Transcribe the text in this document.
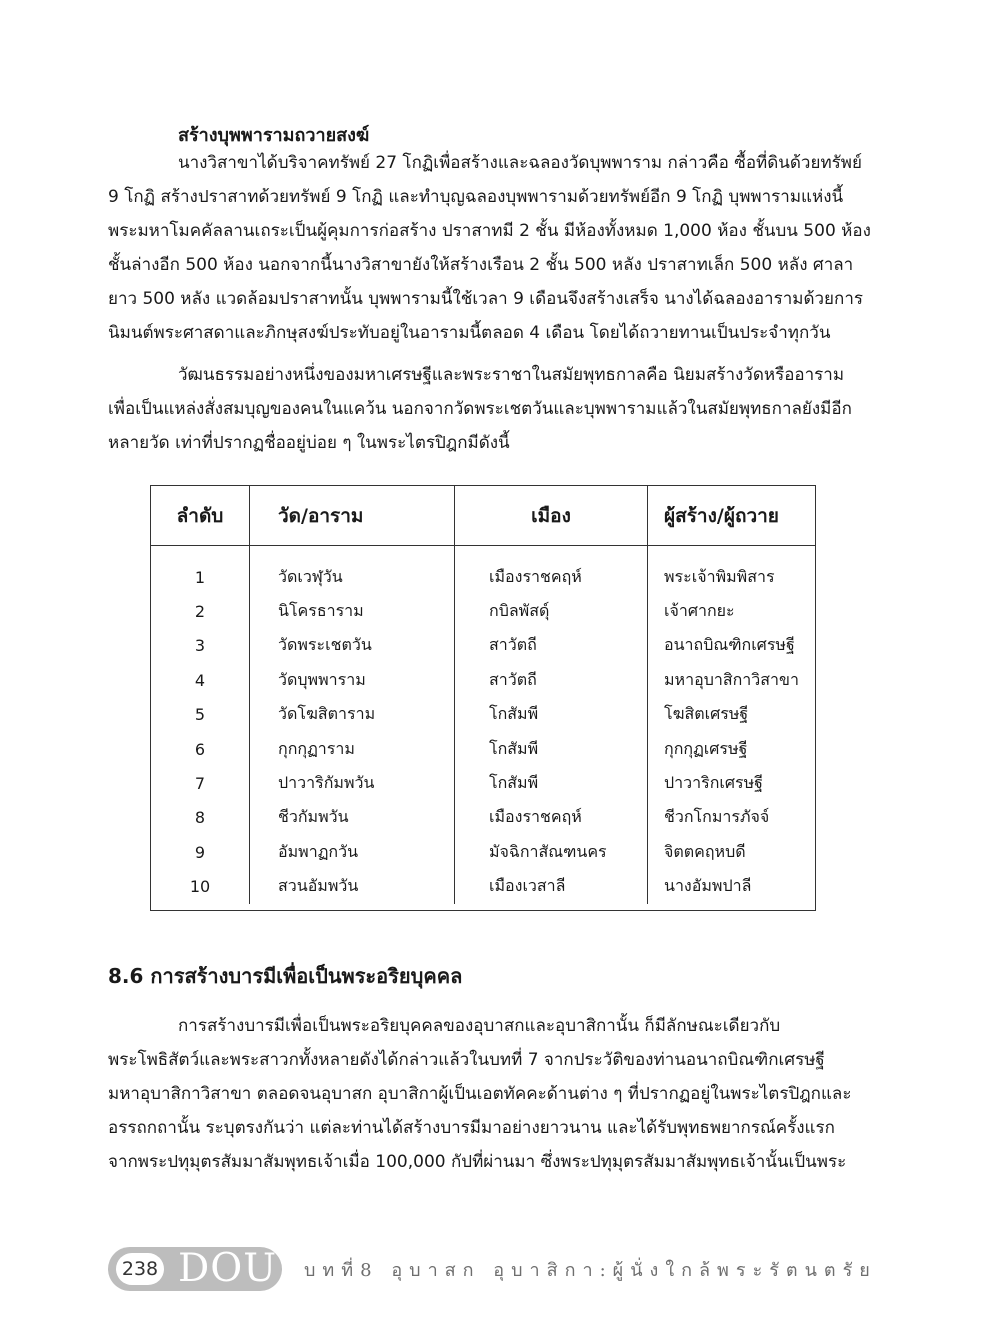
สร้างบุพพารามถวายสงฆ์

นางวิสาขาได้บริจาคทรัพย์ 27 โกฏิเพื่อสร้างและฉลองวัดบุพพาราม กล่าวคือ ซื้อที่ดินด้วยทรัพย์
9 โกฏิ สร้างปราสาทด้วยทรัพย์ 9 โกฏิ และทำบุญฉลองบุพพารามด้วยทรัพย์อีก 9 โกฏิ บุพพารามแห่งนี้
พระมหาโมคคัลลานเถระเป็นผู้คุมการก่อสร้าง ปราสาทมี 2 ชั้น มีห้องทั้งหมด 1,000 ห้อง ชั้นบน 500 ห้อง
ชั้นล่างอีก 500 ห้อง นอกจากนี้นางวิสาขายังให้สร้างเรือน 2 ชั้น 500 หลัง ปราสาทเล็ก 500 หลัง ศาลา
ยาว 500 หลัง แวดล้อมปราสาทนั้น บุพพารามนี้ใช้เวลา 9 เดือนจึงสร้างเสร็จ นางได้ฉลองอารามด้วยการ
นิมนต์พระศาสดาและภิกษุสงฆ์ประทับอยู่ในอารามนี้ตลอด 4 เดือน โดยได้ถวายทานเป็นประจำทุกวัน

วัฒนธรรมอย่างหนึ่งของมหาเศรษฐีและพระราชาในสมัยพุทธกาลคือ นิยมสร้างวัดหรืออาราม
เพื่อเป็นแหล่งสั่งสมบุญของคนในแคว้น นอกจากวัดพระเชตวันและบุพพารามแล้วในสมัยพุทธกาลยังมีอีก
หลายวัด เท่าที่ปรากฏชื่ออยู่บ่อย ๆ ในพระไตรปิฎกมีดังนี้

ลำดับ	วัด/อาราม	เมือง	ผู้สร้าง/ผู้ถวาย
1	วัดเวฬุวัน	เมืองราชคฤห์	พระเจ้าพิมพิสาร
2	นิโครธาราม	กบิลพัสดุ์	เจ้าศากยะ
3	วัดพระเชตวัน	สาวัตถี	อนาถบิณฑิกเศรษฐี
4	วัดบุพพาราม	สาวัตถี	มหาอุบาสิกาวิสาขา
5	วัดโฆสิตาราม	โกสัมพี	โฆสิตเศรษฐี
6	กุกกุฏาราม	โกสัมพี	กุกกุฏเศรษฐี
7	ปาวาริกัมพวัน	โกสัมพี	ปาวาริกเศรษฐี
8	ชีวกัมพวัน	เมืองราชคฤห์	ชีวกโกมารภัจจ์
9	อัมพาฏกวัน	มัจฉิกาสัณฑนคร	จิตตคฤหบดี
10	สวนอัมพวัน	เมืองเวสาลี	นางอัมพปาลี
8.6 การสร้างบารมีเพื่อเป็นพระอริยบุคคล

การสร้างบารมีเพื่อเป็นพระอริยบุคคลของอุบาสกและอุบาสิกานั้น ก็มีลักษณะเดียวกับ
พระโพธิสัตว์และพระสาวกทั้งหลายดังได้กล่าวแล้วในบทที่ 7 จากประวัติของท่านอนาถบิณฑิกเศรษฐี
มหาอุบาสิกาวิสาขา ตลอดจนอุบาสก อุบาสิกาผู้เป็นเอตทัคคะด้านต่าง ๆ ที่ปรากฏอยู่ในพระไตรปิฎกและ
อรรถกถานั้น ระบุตรงกันว่า แต่ละท่านได้สร้างบารมีมาอย่างยาวนาน และได้รับพุทธพยากรณ์ครั้งแรก
จากพระปทุมุตรสัมมาสัมพุทธเจ้าเมื่อ 100,000 กัปที่ผ่านมา ซึ่งพระปทุมุตรสัมมาสัมพุทธเจ้านั้นเป็นพระ

238 DOU บทที่8 อุบาสก อุบาสิกา:ผู้นั่งใกล้พระรัตนตรัย
